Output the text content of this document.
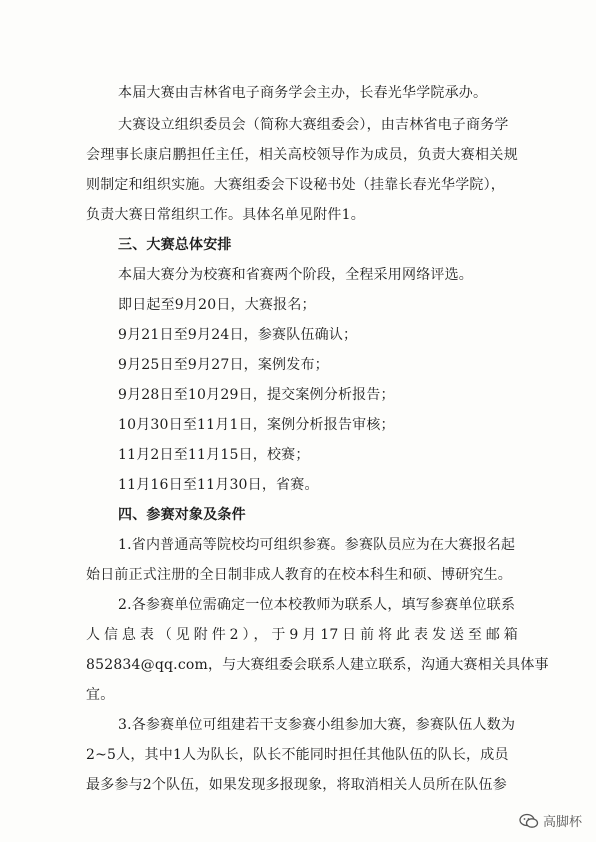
本届大赛由吉林省电子商务学会主办，长春光华学院承办。
大赛设立组织委员会（简称大赛组委会），由吉林省电子商务学
会理事长康启鹏担任主任，相关高校领导作为成员，负责大赛相关规
则制定和组织实施。大赛组委会下设秘书处（挂靠长春光华学院），
负责大赛日常组织工作。具体名单见附件1。
三、大赛总体安排
本届大赛分为校赛和省赛两个阶段，全程采用网络评选。
即日起至9月20日，大赛报名；
9月21日至9月24日，参赛队伍确认；
9月25日至9月27日，案例发布；
9月28日至10月29日，提交案例分析报告；
10月30日至11月1日，案例分析报告审核；
11月2日至11月15日，校赛；
11月16日至11月30日，省赛。
四、参赛对象及条件
1.省内普通高等院校均可组织参赛。参赛队员应为在大赛报名起
始日前正式注册的全日制非成人教育的在校本科生和硕、博研究生。
2.各参赛单位需确定一位本校教师为联系人，填写参赛单位联系
人信息表（见附件2），于9月17日前将此表发送至邮箱
852834@qq.com，与大赛组委会联系人建立联系，沟通大赛相关具体事
宜。
3.各参赛单位可组建若干支参赛小组参加大赛，参赛队伍人数为
2~5人，其中1人为队长，队长不能同时担任其他队伍的队长，成员
最多参与2个队伍，如果发现多报现象，将取消相关人员所在队伍参
高脚杯
